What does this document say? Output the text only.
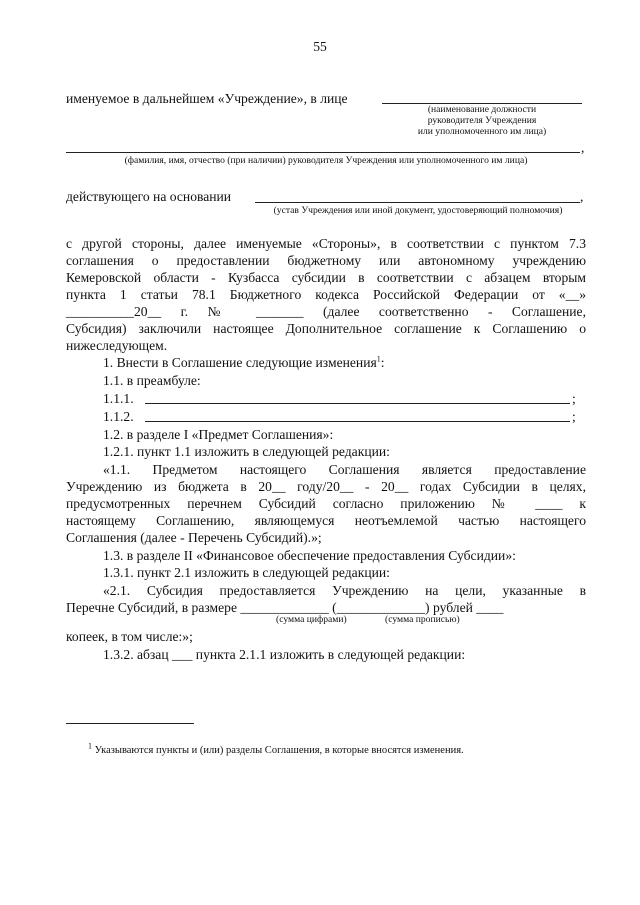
55
именуемое в дальнейшем «Учреждение», в лице
(наименование должности
руководителя Учреждения
или уполномоченного им лица)
,
(фамилия, имя, отчество (при наличии) руководителя Учреждения или уполномоченного им лица)
действующего на основании	,
(устав Учреждения или иной документ, удостоверяющий полномочия)
с другой стороны, далее именуемые «Стороны», в соответствии с пунктом 7.3
соглашения о предоставлении бюджетному или автономному учреждению
Кемеровской области - Кузбасса субсидии в соответствии с абзацем вторым
пункта 1 статьи 78.1 Бюджетного кодекса Российской Федерации от «__»
__________20__ г. № _______ (далее соответственно - Соглашение,
Субсидия) заключили настоящее Дополнительное соглашение к Соглашению о
нижеследующем.
1. Внести в Соглашение следующие изменения$^1$:
1.1. в преамбуле:
1.1.1.	;
1.1.2.	;
1.2. в разделе I «Предмет Соглашения»:
1.2.1. пункт 1.1 изложить в следующей редакции:
«1.1. Предметом настоящего Соглашения является предоставление
Учреждению из бюджета в 20__ году/20__ - 20__ годах Субсидии в целях,
предусмотренных перечнем Субсидий согласно приложению № ____ к
настоящему Соглашению, являющемуся неотъемлемой частью настоящего
Соглашения (далее - Перечень Субсидий).»;
1.3. в разделе II «Финансовое обеспечение предоставления Субсидии»:
1.3.1. пункт 2.1 изложить в следующей редакции:
«2.1. Субсидия предоставляется Учреждению на цели, указанные в
Перечне Субсидий, в размере _____________ (_____________) рублей ____
(сумма цифрами)	(сумма прописью)
копеек, в том числе:»;
1.3.2. абзац ___ пункта 2.1.1 изложить в следующей редакции:
$^1$ Указываются пункты и (или) разделы Соглашения, в которые вносятся изменения.
